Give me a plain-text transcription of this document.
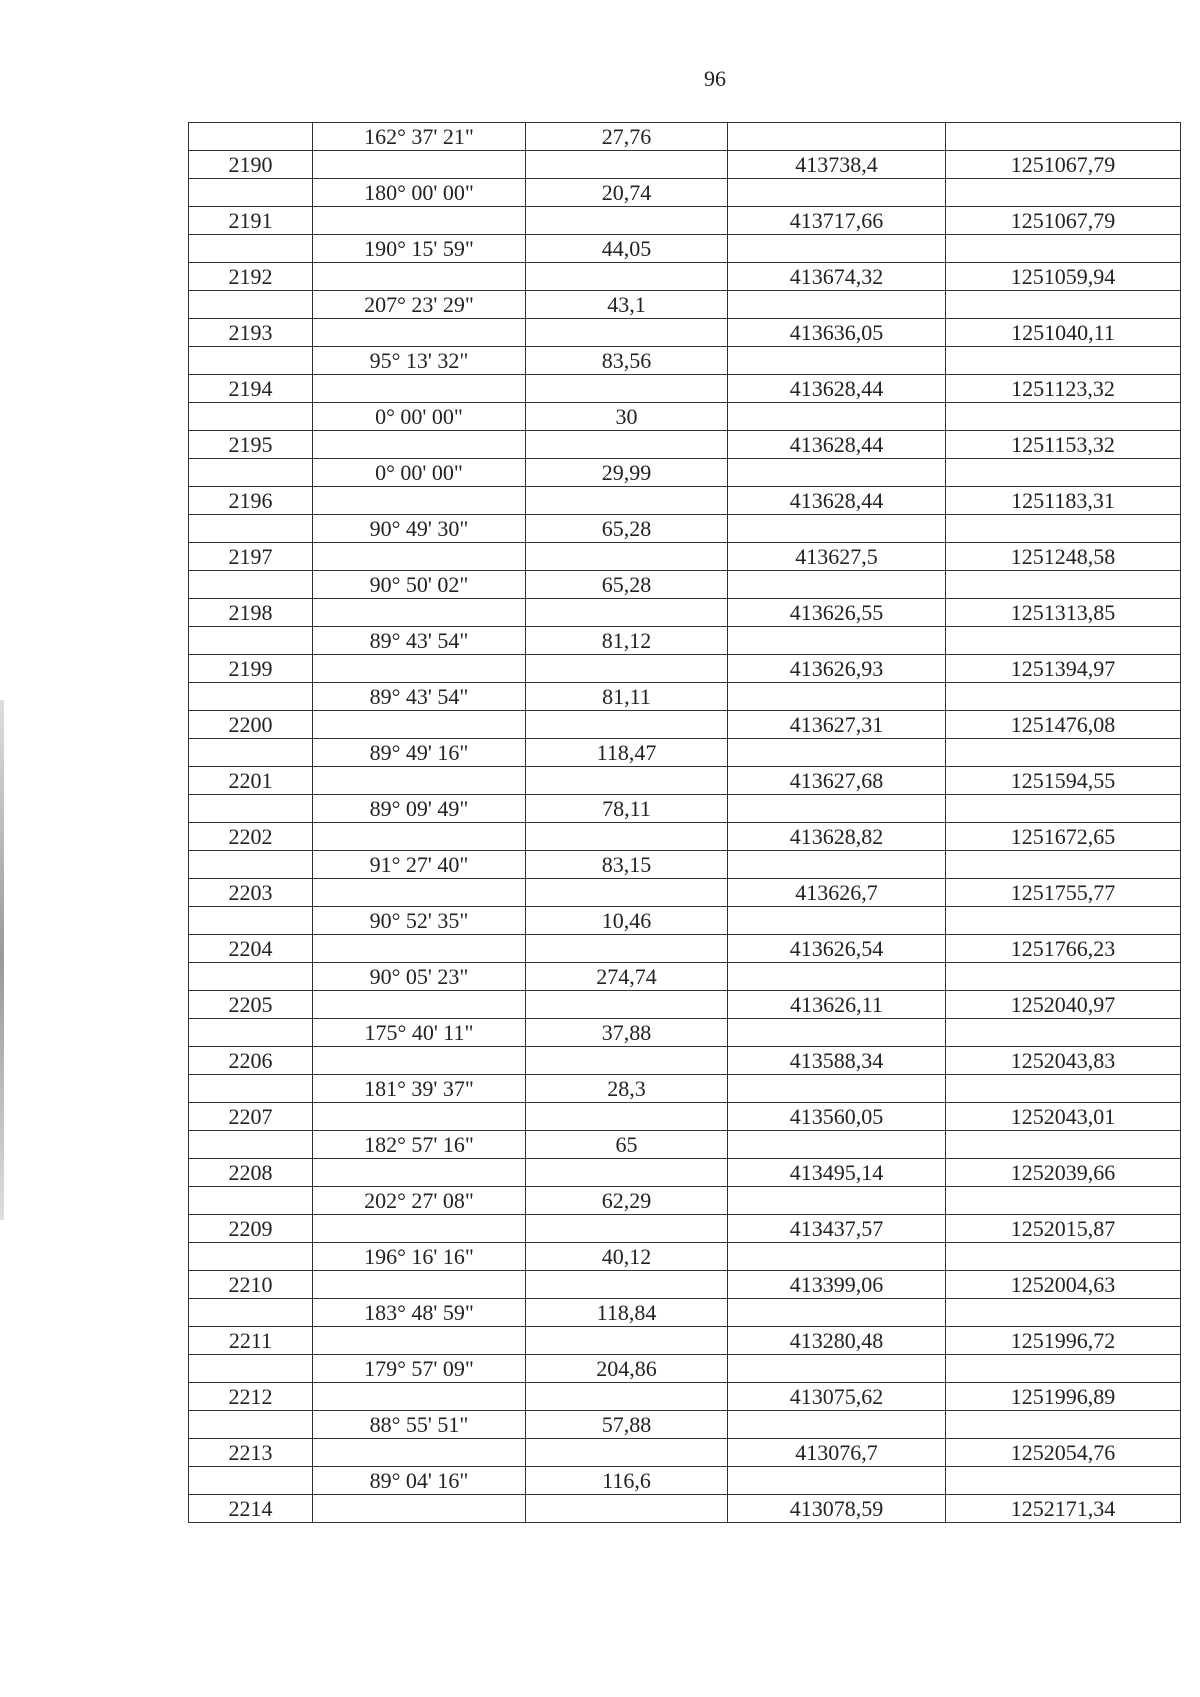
96
	162° 37' 21"	27,76		
2190			413738,4	1251067,79
	180° 00' 00"	20,74		
2191			413717,66	1251067,79
	190° 15' 59"	44,05		
2192			413674,32	1251059,94
	207° 23' 29"	43,1		
2193			413636,05	1251040,11
	95° 13' 32"	83,56		
2194			413628,44	1251123,32
	0° 00' 00"	30		
2195			413628,44	1251153,32
	0° 00' 00"	29,99		
2196			413628,44	1251183,31
	90° 49' 30"	65,28		
2197			413627,5	1251248,58
	90° 50' 02"	65,28		
2198			413626,55	1251313,85
	89° 43' 54"	81,12		
2199			413626,93	1251394,97
	89° 43' 54"	81,11		
2200			413627,31	1251476,08
	89° 49' 16"	118,47		
2201			413627,68	1251594,55
	89° 09' 49"	78,11		
2202			413628,82	1251672,65
	91° 27' 40"	83,15		
2203			413626,7	1251755,77
	90° 52' 35"	10,46		
2204			413626,54	1251766,23
	90° 05' 23"	274,74		
2205			413626,11	1252040,97
	175° 40' 11"	37,88		
2206			413588,34	1252043,83
	181° 39' 37"	28,3		
2207			413560,05	1252043,01
	182° 57' 16"	65		
2208			413495,14	1252039,66
	202° 27' 08"	62,29		
2209			413437,57	1252015,87
	196° 16' 16"	40,12		
2210			413399,06	1252004,63
	183° 48' 59"	118,84		
2211			413280,48	1251996,72
	179° 57' 09"	204,86		
2212			413075,62	1251996,89
	88° 55' 51"	57,88		
2213			413076,7	1252054,76
	89° 04' 16"	116,6		
2214			413078,59	1252171,34
